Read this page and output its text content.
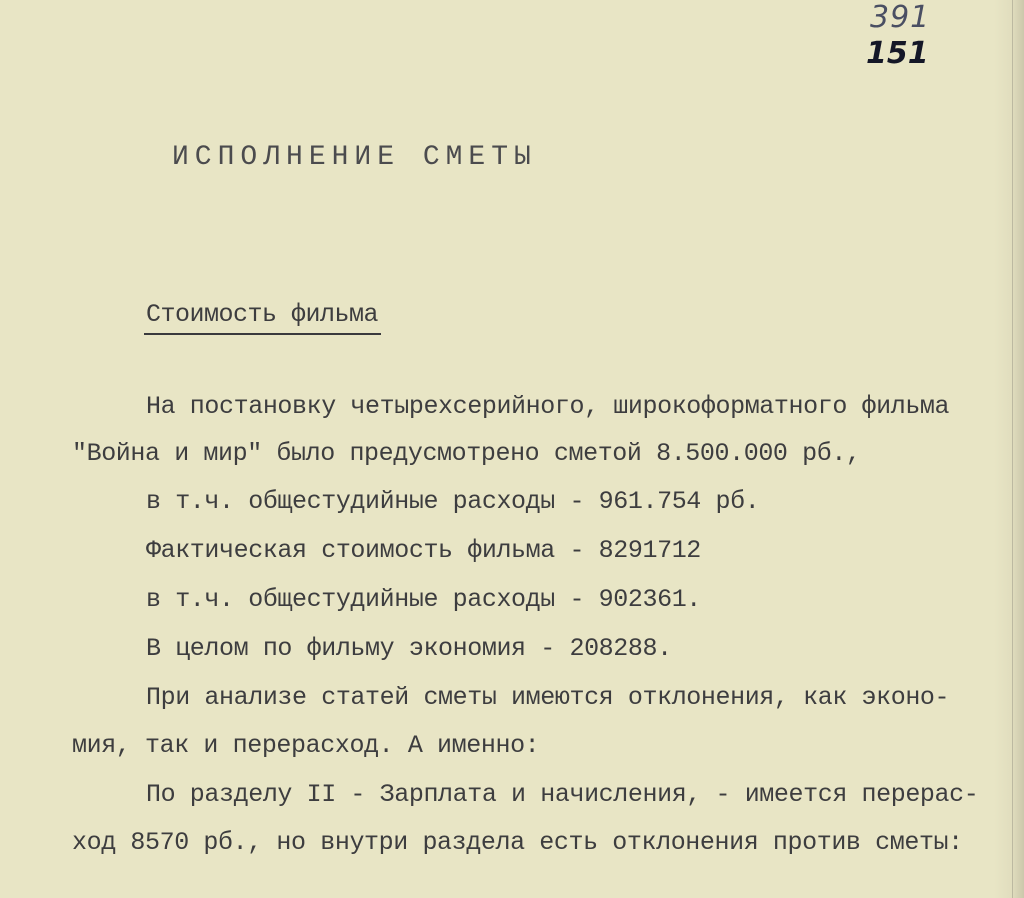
391
151
ИСПОЛНЕНИЕ СМЕТЫ
Стоимость фильма
На постановку четырехсерийного, широкоформатного фильма
"Война и мир" было предусмотрено сметой 8.500.000 рб.,
в т.ч. общестудийные расходы - 961.754 рб.
Фактическая стоимость фильма - 8291712
в т.ч. общестудийные расходы - 902361.
В целом по фильму экономия - 208288.
При анализе статей сметы имеются отклонения, как эконо-
мия, так и перерасход. А именно:
По разделу II - Зарплата и начисления, - имеется перерас-
ход 8570 рб., но внутри раздела есть отклонения против сметы:
